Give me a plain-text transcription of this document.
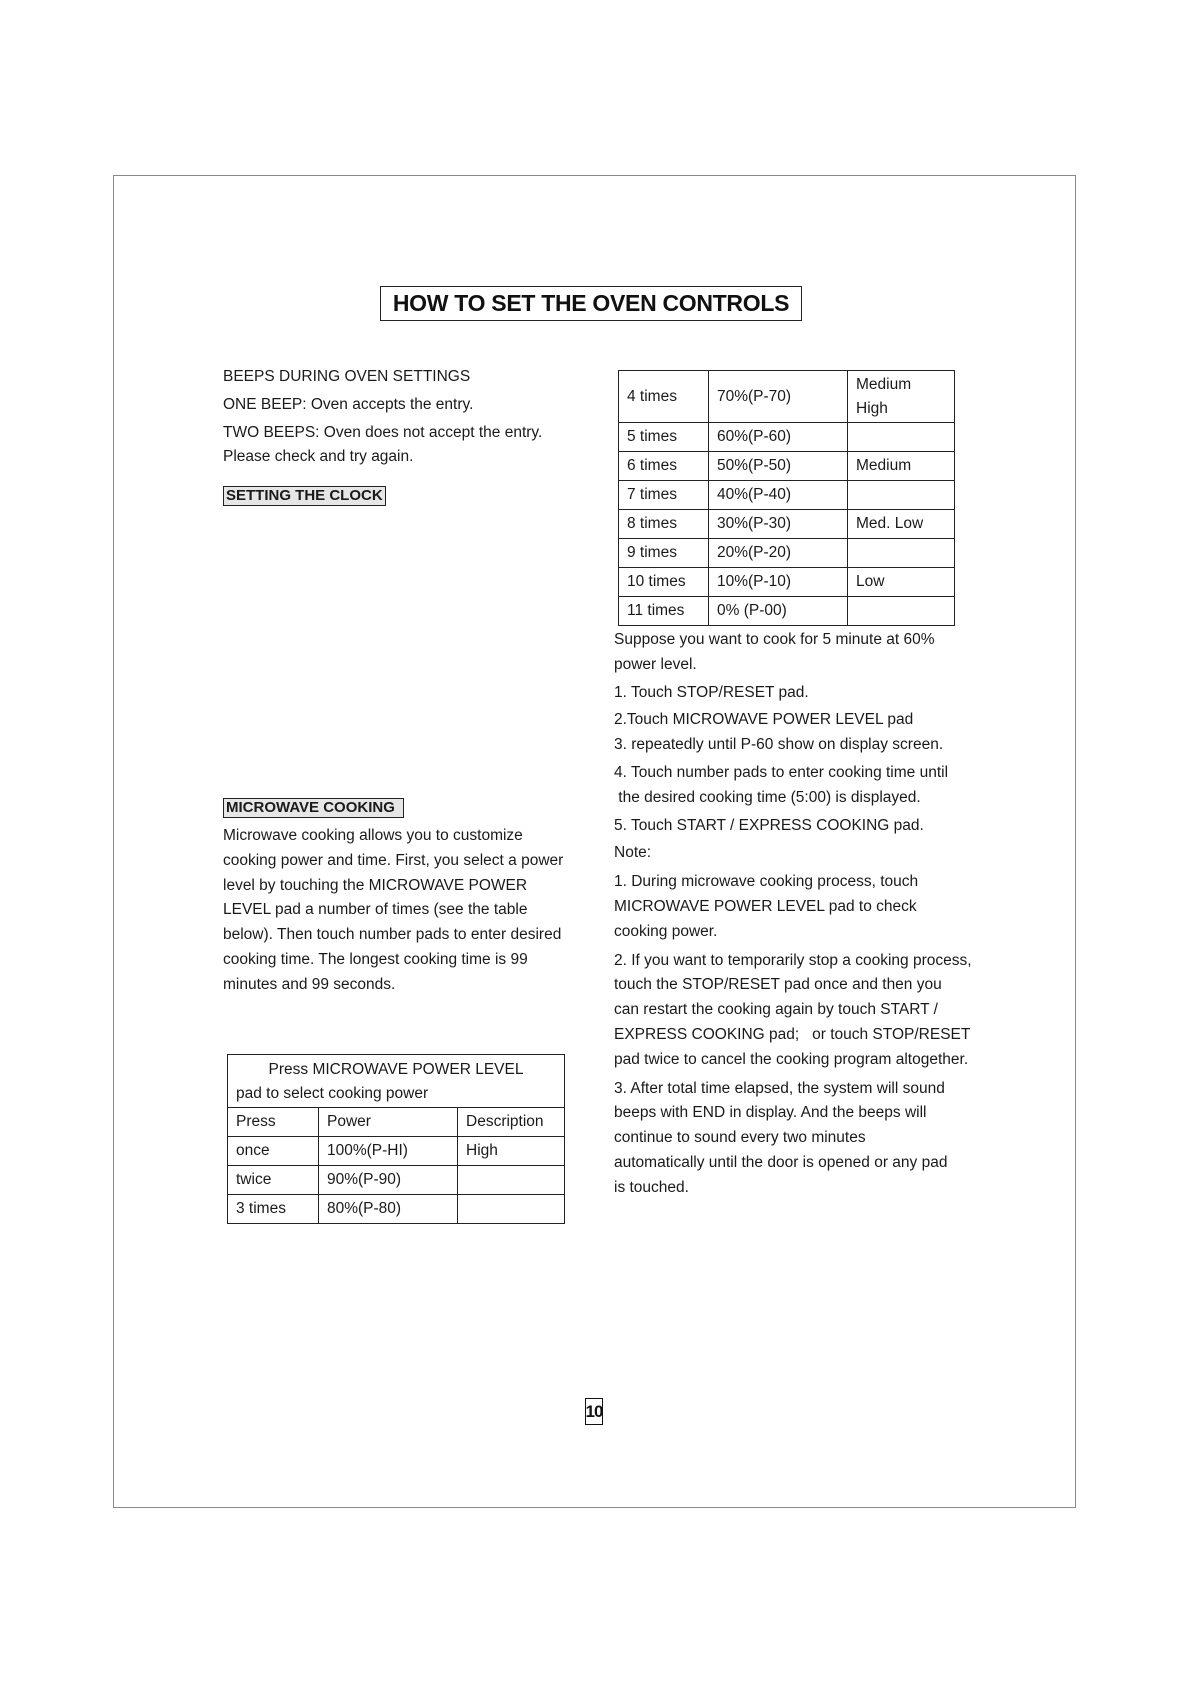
HOW TO SET THE OVEN CONTROLS

BEEPS DURING OVEN SETTINGS

ONE BEEP: Oven accepts the entry.

TWO BEEPS: Oven does not accept the entry.

Please check and try again.

SETTING THE CLOCK
MICROWAVE COOKING

Microwave cooking allows you to customize

cooking power and time. First, you select a power

level by touching the MICROWAVE POWER

LEVEL pad a number of times (see the table

below). Then touch number pads to enter desired

cooking time. The longest cooking time is 99

minutes and 99 seconds.

Press MICROWAVE POWER LEVEL
pad to select cooking power		
Press	Power	Description
once	100%(P-HI)	High
twice	90%(P-90)	
3 times	80%(P-80)	
4 times	70%(P-70)	Medium
High
5 times	60%(P-60)	
6 times	50%(P-50)	Medium
7 times	40%(P-40)	
8 times	30%(P-30)	Med. Low
9 times	20%(P-20)	
10 times	10%(P-10)	Low
11 times	0% (P-00)	

Suppose you want to cook for 5 minute at 60%

power level.

1. Touch STOP/RESET pad.

2.Touch MICROWAVE POWER LEVEL pad

3. repeatedly until P-60 show on display screen.

4. Touch number pads to enter cooking time until

the desired cooking time (5:00) is displayed.

5. Touch START / EXPRESS COOKING pad.

Note:

1. During microwave cooking process, touch

MICROWAVE POWER LEVEL pad to check

cooking power.

2. If you want to temporarily stop a cooking process,

touch the STOP/RESET pad once and then you

can restart the cooking again by touch START /

EXPRESS COOKING pad;   or touch STOP/RESET

pad twice to cancel the cooking program altogether.

3. After total time elapsed, the system will sound

beeps with END in display. And the beeps will

continue to sound every two minutes

automatically until the door is opened or any pad

is touched.

10
